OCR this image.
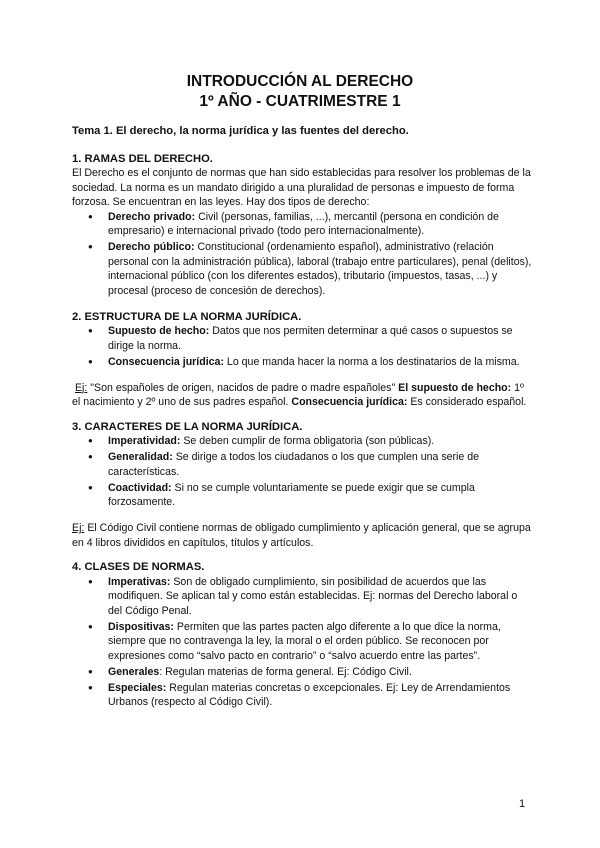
INTRODUCCIÓN AL DERECHO
1º AÑO - CUATRIMESTRE 1

Tema 1. El derecho, la norma jurídica y las fuentes del derecho.

1. RAMAS DEL DERECHO.

El Derecho es el conjunto de normas que han sido establecidas para resolver los problemas de la sociedad. La norma es un mandato dirigido a una pluralidad de personas e impuesto de forma forzosa. Se encuentran en las leyes. Hay dos tipos de derecho:

● Derecho privado: Civil (personas, familias, ...), mercantil (persona en condición de empresario) e internacional privado (todo pero internacionalmente).
● Derecho público: Constitucional (ordenamiento español), administrativo (relación personal con la administración pública), laboral (trabajo entre particulares), penal (delitos), internacional público (con los diferentes estados), tributario (impuestos, tasas, ...) y procesal (proceso de concesión de derechos).
2. ESTRUCTURA DE LA NORMA JURÍDICA.
● Supuesto de hecho: Datos que nos permiten determinar a qué casos o supuestos se dirige la norma.
● Consecuencia jurídica: Lo que manda hacer la norma a los destinatarios de la misma.

Ej: "Son españoles de origen, nacidos de padre o madre españoles" El supuesto de hecho: 1º el nacimiento y 2º uno de sus padres español. Consecuencia jurídica: Es considerado español.

3. CARACTERES DE LA NORMA JURÍDICA.
● Imperatividad: Se deben cumplir de forma obligatoria (son públicas).
● Generalidad: Se dirige a todos los ciudadanos o los que cumplen una serie de características.
● Coactividad: Si no se cumple voluntariamente se puede exigir que se cumpla forzosamente.

Ej: El Código Civil contiene normas de obligado cumplimiento y aplicación general, que se agrupa en 4 libros divididos en capítulos, títulos y artículos.

4. CLASES DE NORMAS.
● Imperativas: Son de obligado cumplimiento, sin posibilidad de acuerdos que las modifiquen. Se aplican tal y como están establecidas. Ej: normas del Derecho laboral o del Código Penal.
● Dispositivas: Permiten que las partes pacten algo diferente a lo que dice la norma, siempre que no contravenga la ley, la moral o el orden público. Se reconocen por expresiones como “salvo pacto en contrario” o “salvo acuerdo entre las partes”.
● Generales: Regulan materias de forma general. Ej: Código Civil.
● Especiales: Regulan materias concretas o excepcionales. Ej: Ley de Arrendamientos Urbanos (respecto al Código Civil).
1
